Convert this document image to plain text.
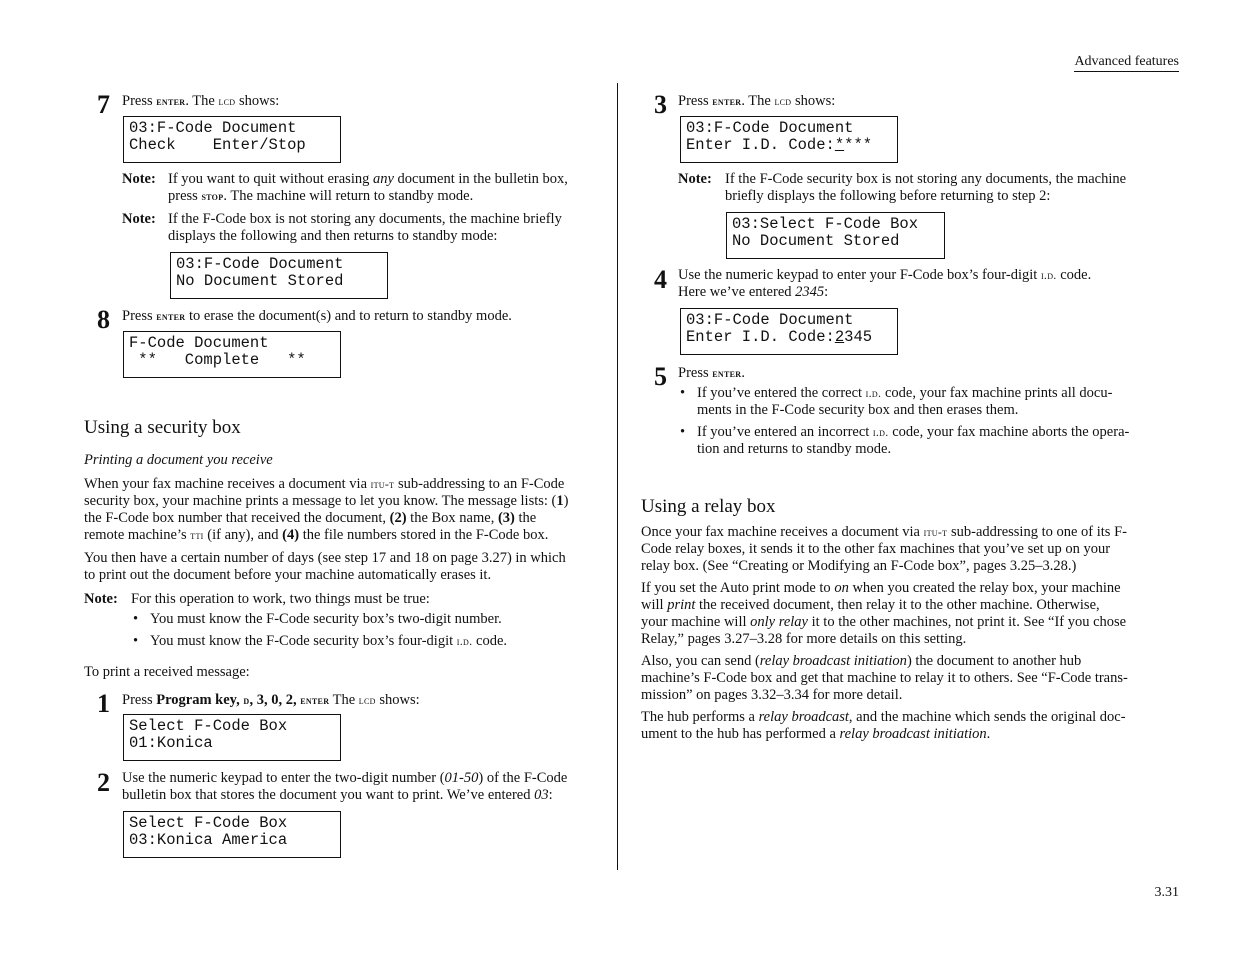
Advanced features
3.31
7 Press enter. The lcd shows:
03:F-Code Document
Check    Enter/Stop
Note: If you want to quit without erasing any document in the bulletin box,
press stop. The machine will return to standby mode.
Note: If the F-Code box is not storing any documents, the machine briefly
displays the following and then returns to standby mode:
03:F-Code Document
No Document Stored
8 Press enter to erase the document(s) and to return to standby mode.
F-Code Document
**   Complete   **
Using a security box
Printing a document you receive
When your fax machine receives a document via itu-t sub-addressing to an F-Code
security box, your machine prints a message to let you know. The message lists: (1)
the F-Code box number that received the document, (2) the Box name, (3) the
remote machine’s tti (if any), and (4) the file numbers stored in the F-Code box.
You then have a certain number of days (see step 17 and 18 on page 3.27) in which
to print out the document before your machine automatically erases it.
Note: For this operation to work, two things must be true:
• You must know the F-Code security box’s two-digit number.
• You must know the F-Code security box’s four-digit i.d. code.
To print a received message:
1 Press Program key, d, 3, 0, 2, enter The lcd shows:
Select F-Code Box
01:Konica
2 Use the numeric keypad to enter the two-digit number (01-50) of the F-Code
bulletin box that stores the document you want to print. We’ve entered 03:
Select F-Code Box
03:Konica America
3 Press enter. The lcd shows:
03:F-Code Document
Enter I.D. Code:****
Note: If the F-Code security box is not storing any documents, the machine
briefly displays the following before returning to step 2:
03:Select F-Code Box
No Document Stored
4 Use the numeric keypad to enter your F-Code box’s four-digit i.d. code.
Here we’ve entered 2345:
03:F-Code Document
Enter I.D. Code:2345
5 Press enter.
• If you’ve entered the correct i.d. code, your fax machine prints all docu-
ments in the F-Code security box and then erases them.
• If you’ve entered an incorrect i.d. code, your fax machine aborts the opera-
tion and returns to standby mode.
Using a relay box
Once your fax machine receives a document via itu-t sub-addressing to one of its F-
Code relay boxes, it sends it to the other fax machines that you’ve set up on your
relay box. (See “Creating or Modifying an F-Code box”, pages 3.25–3.28.)
If you set the Auto print mode to on when you created the relay box, your machine
will print the received document, then relay it to the other machine. Otherwise,
your machine will only relay it to the other machines, not print it. See “If you chose
Relay,” pages 3.27–3.28 for more details on this setting.
Also, you can send (relay broadcast initiation) the document to another hub
machine’s F-Code box and get that machine to relay it to others. See “F-Code trans-
mission” on pages 3.32–3.34 for more detail.
The hub performs a relay broadcast, and the machine which sends the original doc-
ument to the hub has performed a relay broadcast initiation.
